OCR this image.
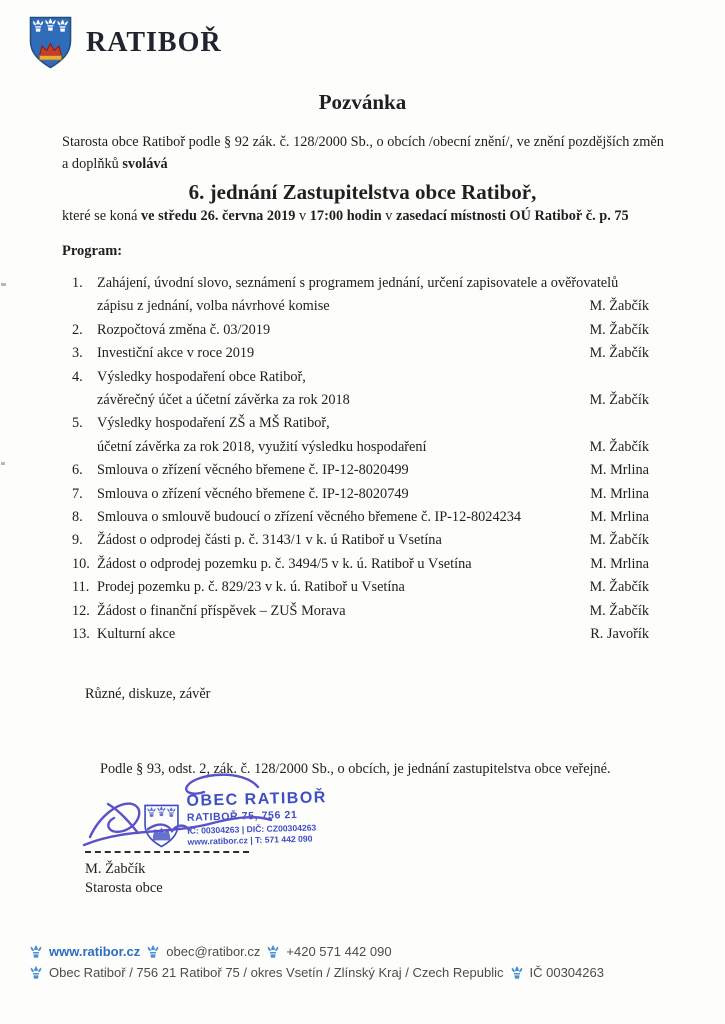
RATIBOŘ
Pozvánka
Starosta obce Ratiboř podle § 92 zák. č. 128/2000 Sb., o obcích /obecní znění/, ve znění pozdějších změn a doplňků svolává
6. jednání Zastupitelstva obce Ratiboř,
které se koná ve středu 26. června 2019 v 17:00 hodin v zasedací místnosti OÚ Ratiboř č. p. 75
Program:
1. Zahájení, úvodní slovo, seznámení s programem jednání, určení zapisovatele a ověřovatelů
zápisu z jednání, volba návrhové komise	M. Žabčík
2. Rozpočtová změna č. 03/2019	M. Žabčík
3. Investiční akce v roce 2019	M. Žabčík
4. Výsledky hospodaření obce Ratiboř,
závěrečný účet a účetní závěrka za rok 2018	M. Žabčík
5. Výsledky hospodaření ZŠ a MŠ Ratiboř,
účetní závěrka za rok 2018, využití výsledku hospodaření	M. Žabčík
6. Smlouva o zřízení věcného břemene č. IP-12-8020499	M. Mrlina
7. Smlouva o zřízení věcného břemene č. IP-12-8020749	M. Mrlina
8. Smlouva o smlouvě budoucí o zřízení věcného břemene č. IP-12-8024234	M. Mrlina
9. Žádost o odprodej části p. č. 3143/1 v k. ú Ratiboř u Vsetína	M. Žabčík
10. Žádost o odprodej pozemku p. č. 3494/5 v k. ú. Ratiboř u Vsetína	M. Mrlina
11. Prodej pozemku p. č. 829/23 v k. ú. Ratiboř u Vsetína	M. Žabčík
12. Žádost o finanční příspěvek – ZUŠ Morava	M. Žabčík
13. Kulturní akce	R. Javořík
Různé, diskuze, závěr
Podle § 93, odst. 2, zák. č. 128/2000 Sb., o obcích, je jednání zastupitelstva obce veřejné.
OBEC RATIBOŘ
RATIBOŘ 75, 756 21
IČ: 00304263 | DIČ: CZ00304263
www.ratibor.cz | T: 571 442 090
M. Žabčík
Starosta obce
www.ratibor.cz obec@ratibor.cz +420 571 442 090
Obec Ratiboř / 756 21 Ratiboř 75 / okres Vsetín / Zlínský Kraj / Czech Republic IČ 00304263
